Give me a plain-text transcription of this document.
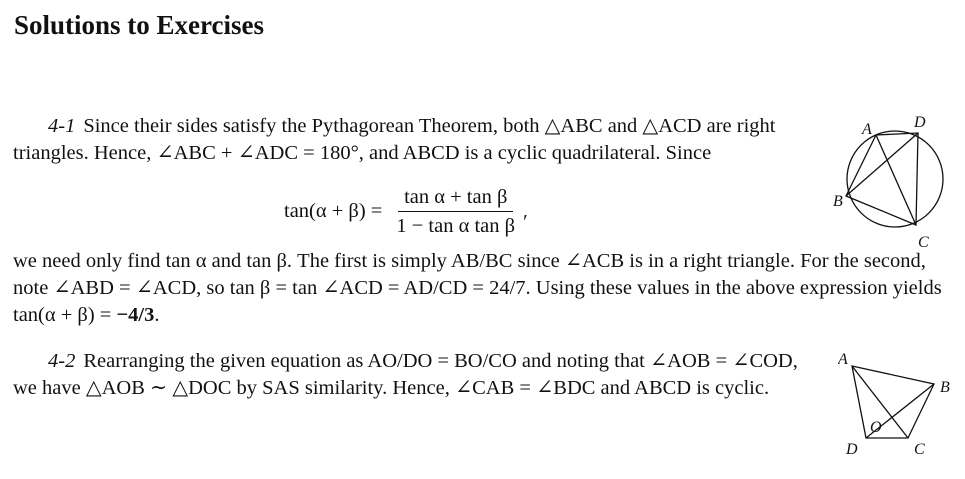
Solutions to Exercises
4-1 Since their sides satisfy the Pythagorean Theorem, both △ABC and △ACD are right triangles. Hence, ∠ABC + ∠ADC = 180°, and ABCD is a cyclic quadrilateral. Since
$\tan(\alpha + \beta) = \frac{\text{tan α + tan β}}{\text{1 − tan α tan β}}$ ′
we need only find tan α and tan β. The first is simply AB/BC since ∠ACB is in a right triangle. For the second, note ∠ABD = ∠ACD, so tan β = tan ∠ACD = AD/CD = 24/7. Using these values in the above expression yields tan(α + β) = −4/3.
A	D
B
C
4-2 Rearranging the given equation as AO/DO = BO/CO and noting that ∠AOB = ∠COD, we have △AOB ∼ △DOC by SAS similarity. Hence, ∠CAB = ∠BDC and ABCD is cyclic.
A
B
C
D
O
